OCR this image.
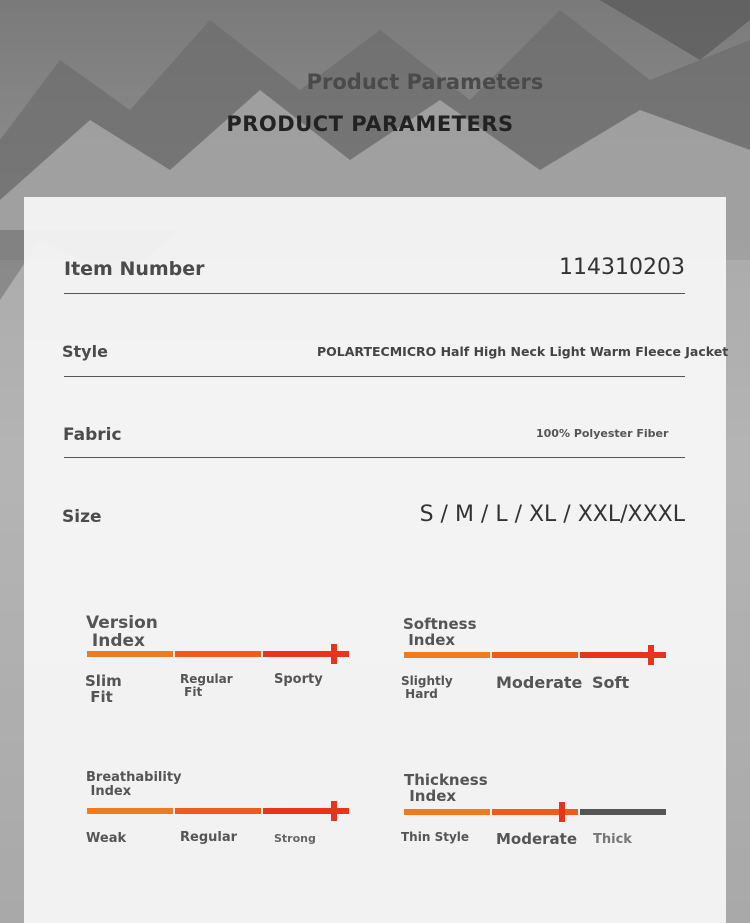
Product Parameters
PRODUCT PARAMETERS
Item Number	114310203
Style	POLARTECMICRO Half High Neck Light Warm Fleece Jacket
Fabric	100% Polyester Fiber
Size	S / M / L / XL / XXL/XXXL
Version
Index
Slim
Fit
Regular
Fit
Sporty
Softness
Index
Slightly
Hard
Moderate Soft
Breathability
Index
Weak	Regular	Strong
Thickness
Index
Thin Style Moderate Thick
